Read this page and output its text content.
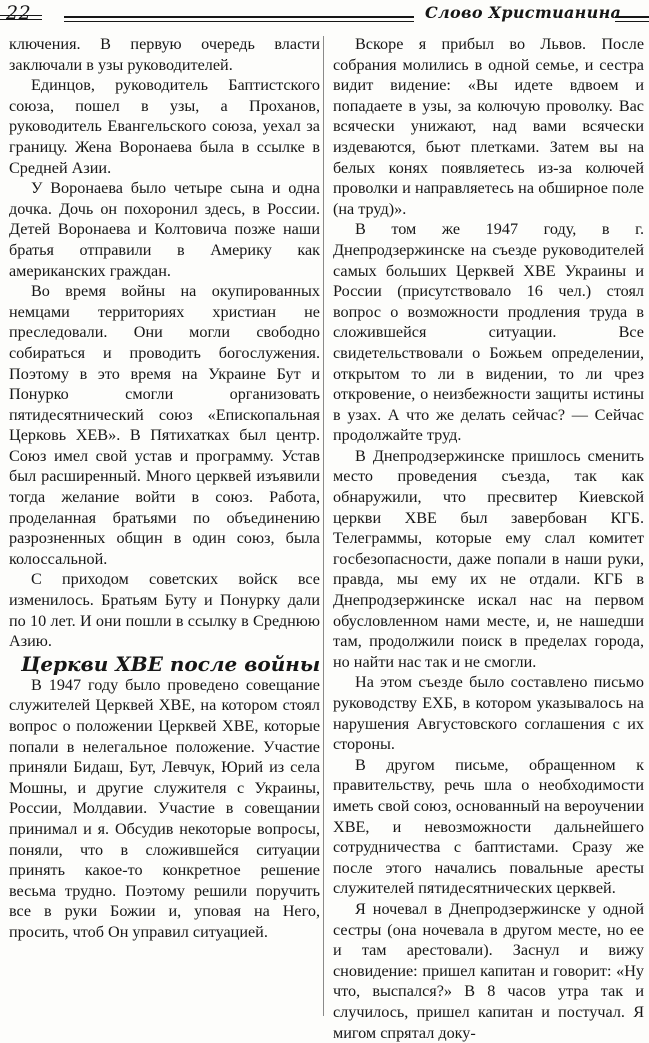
22	Слово Христианина

ключения. В первую очередь власти заключали в узы руководителей.

Единцов, руководитель Баптистского союза, пошел в узы, а Проханов, руководитель Евангельского союза, уехал за границу. Жена Воронаева была в ссылке в Средней Азии.

У Воронаева было четыре сына и одна дочка. Дочь он похоронил здесь, в России. Детей Воронаева и Колтовича позже наши братья отправили в Америку как американских граждан.

Во время войны на окупированных немцами территориях христиан не преследовали. Они могли свободно собираться и проводить богослужения. Поэтому в это время на Украине Бут и Понурко смогли организовать пятидесятнический союз «Епископальная Церковь ХЕВ». В Пятихатках был центр. Союз имел свой устав и программу. Устав был расширенный. Много церквей изъявили тогда желание войти в союз. Работа, проделанная братьями по объединению разрозненных общин в один союз, была колоссальной.

С приходом советских войск все изменилось. Братьям Буту и Понурку дали по 10 лет. И они пошли в ссылку в Среднюю Азию.

Церкви ХВЕ после войны

В 1947 году было проведено совещание служителей Церквей ХВЕ, на котором стоял вопрос о положении Церквей ХВЕ, которые попали в нелегальное положение. Участие приняли Бидаш, Бут, Левчук, Юрий из села Мошны, и другие служителя с Украины, России, Молдавии. Участие в совещании принимал и я. Обсудив некоторые вопросы, поняли, что в сложившейся ситуации принять какое-то конкретное решение весьма трудно. Поэтому решили поручить все в руки Божии и, уповая на Него, просить, чтоб Он управил ситуацией.

Вскоре я прибыл во Львов. После собрания молились в одной семье, и сестра видит видение: «Вы идете вдвоем и попадаете в узы, за колючую проволку. Вас всячески унижают, над вами всячески издеваются, бьют плетками. Затем вы на белых конях появляетесь из-за колючей проволки и направляетесь на обширное поле (на труд)».

В том же 1947 году, в г. Днепродзержинске на съезде руководителей самых больших Церквей ХВЕ Украины и России (присутствовало 16 чел.) стоял вопрос о возможности продления труда в сложившейся ситуации. Все свидетельствовали о Божьем определении, открытом то ли в видении, то ли чрез откровение, о неизбежности защиты истины в узах. А что же делать сейчас? — Сейчас продолжайте труд.

В Днепродзержинске пришлось сменить место проведения съезда, так как обнаружили, что пресвитер Киевской церкви ХВЕ был завербован КГБ. Телеграммы, которые ему слал комитет госбезопасности, даже попали в наши руки, правда, мы ему их не отдали. КГБ в Днепродзержинске искал нас на первом обусловленном нами месте, и, не нашедши там, продолжили поиск в пределах города, но найти нас так и не смогли.

На этом съезде было составлено письмо руководству ЕХБ, в котором указывалось на нарушения Августовского соглашения с их стороны.

В другом письме, обращенном к правительству, речь шла о необходимости иметь свой союз, основанный на вероучении ХВЕ, и невозможности дальнейшего сотрудничества с баптистами. Сразу же после этого начались повальные аресты служителей пятидесятнических церквей.

Я ночевал в Днепродзержинске у одной сестры (она ночевала в другом месте, но ее и там арестовали). Заснул и вижу сновидение: пришел капитан и говорит: «Ну что, выспался?» В 8 часов утра так и случилось, пришел капитан и постучал. Я мигом спрятал доку-
